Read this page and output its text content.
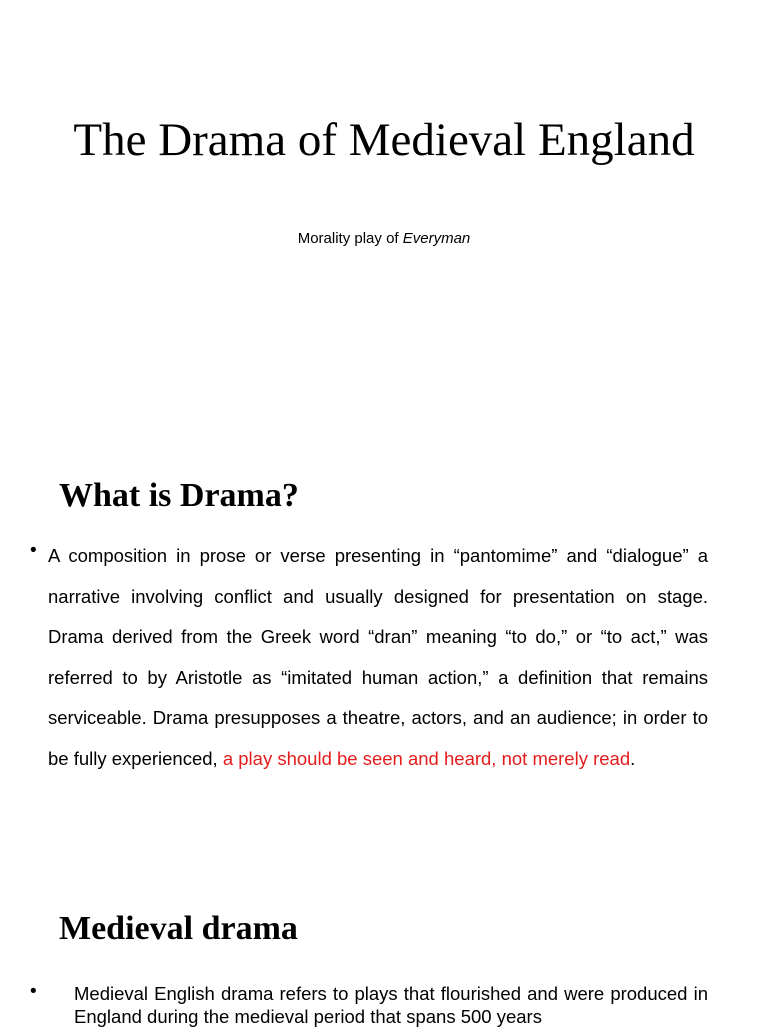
The Drama of Medieval England

Morality play of Everyman

What is Drama?
• A composition in prose or verse presenting in “pantomime” and “dialogue” a narrative involving conflict and usually designed for presentation on stage. Drama derived from the Greek word “dran” meaning “to do,” or “to act,” was referred to by Aristotle as “imitated human action,” a definition that remains serviceable. Drama presupposes a theatre, actors, and an audience; in order to be fully experienced, a play should be seen and heard, not merely read.

Medieval drama
• Medieval English drama refers to plays that flourished and were produced in England during the medieval period that spans 500 years
